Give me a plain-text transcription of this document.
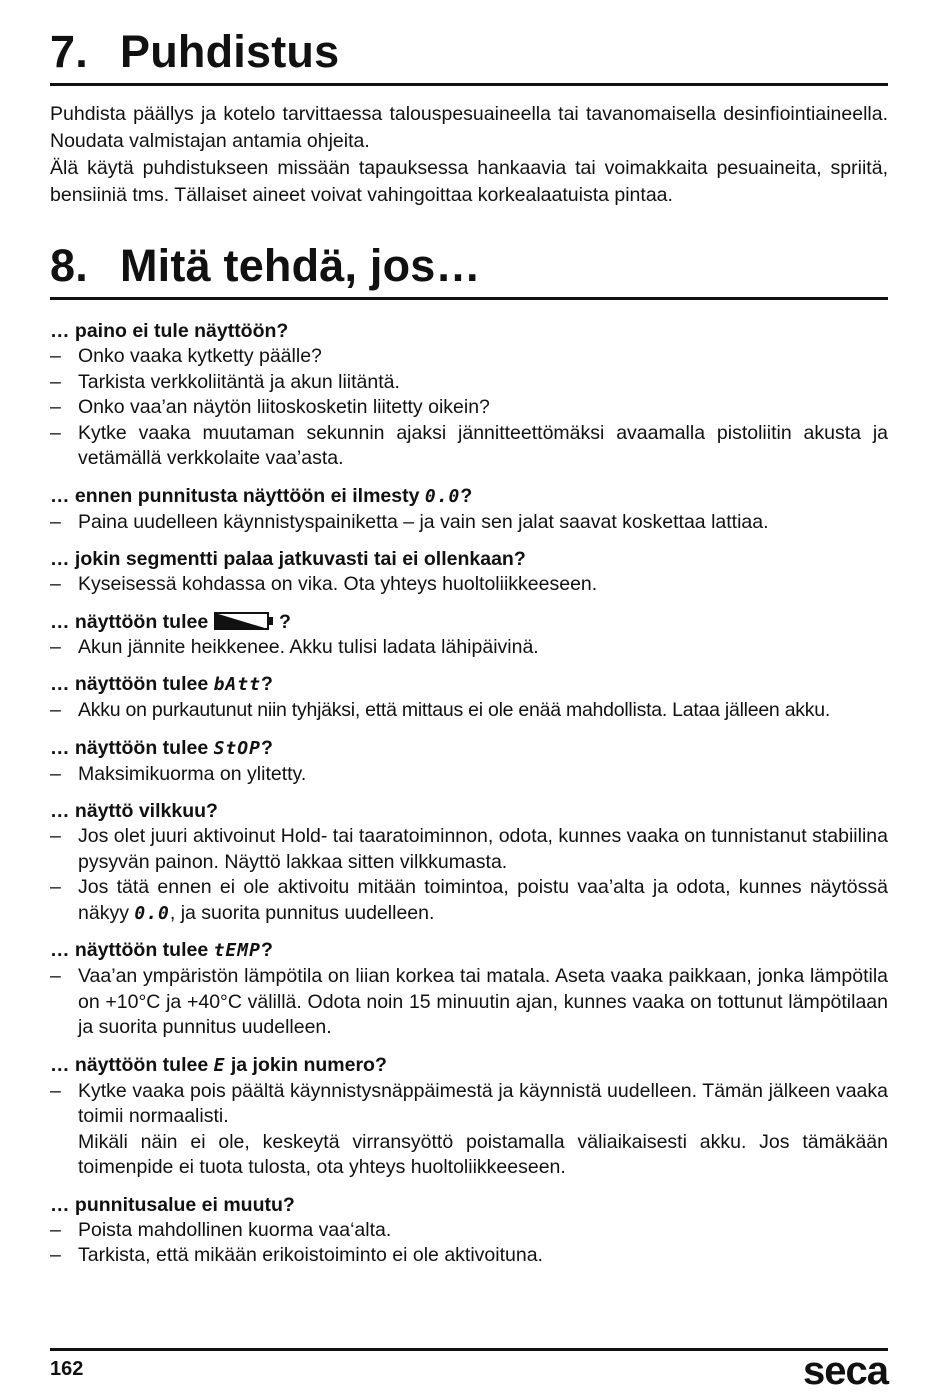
7. Puhdistus

Puhdista päällys ja kotelo tarvittaessa talouspesuaineella tai tavanomaisella desinfiointiaineella. Noudata valmistajan antamia ohjeita.

Älä käytä puhdistukseen missään tapauksessa hankaavia tai voimakkaita pesuaineita, spriitä, bensiiniä tms. Tällaiset aineet voivat vahingoittaa korkealaatuista pintaa.

8. Mitä tehdä, jos…

… paino ei tule näyttöön?

– Onko vaaka kytketty päälle?
– Tarkista verkkoliitäntä ja akun liitäntä.
– Onko vaa’an näytön liitoskosketin liitetty oikein?
– Kytke vaaka muutaman sekunnin ajaksi jännitteettömäksi avaamalla pistoliitin akusta ja vetämällä verkkolaite vaa’asta.

… ennen punnitusta näyttöön ei ilmesty 0.0?

– Paina uudelleen käynnistyspainiketta – ja vain sen jalat saavat koskettaa lattiaa.

… jokin segmentti palaa jatkuvasti tai ei ollenkaan?

– Kyseisessä kohdassa on vika. Ota yhteys huoltoliikkeeseen.

… näyttöön tulee	?

– Akun jännite heikkenee. Akku tulisi ladata lähipäivinä.

… näyttöön tulee bAtt?

– Akku on purkautunut niin tyhjäksi, että mittaus ei ole enää mahdollista. Lataa jälleen akku.

… näyttöön tulee StOP?

– Maksimikuorma on ylitetty.

… näyttö vilkkuu?

– Jos olet juuri aktivoinut Hold- tai taaratoiminnon, odota, kunnes vaaka on tunnistanut stabiilina pysyvän painon. Näyttö lakkaa sitten vilkkumasta.
– Jos tätä ennen ei ole aktivoitu mitään toimintoa, poistu vaa’alta ja odota, kunnes näytössä näkyy 0.0, ja suorita punnitus uudelleen.

… näyttöön tulee tEMP?

– Vaa’an ympäristön lämpötila on liian korkea tai matala. Aseta vaaka paikkaan, jonka lämpötila on +10°C ja +40°C välillä. Odota noin 15 minuutin ajan, kunnes vaaka on tottunut lämpötilaan ja suorita punnitus uudelleen.

… näyttöön tulee E ja jokin numero?

– Kytke vaaka pois päältä käynnistysnäppäimestä ja käynnistä uudelleen. Tämän jälkeen vaaka toimii normaalisti.
Mikäli näin ei ole, keskeytä virransyöttö poistamalla väliaikaisesti akku. Jos tämäkään toimenpide ei tuota tulosta, ota yhteys huoltoliikkeeseen.

… punnitusalue ei muutu?

– Poista mahdollinen kuorma vaa‘alta.
– Tarkista, että mikään erikoistoiminto ei ole aktivoituna.
162	seca
